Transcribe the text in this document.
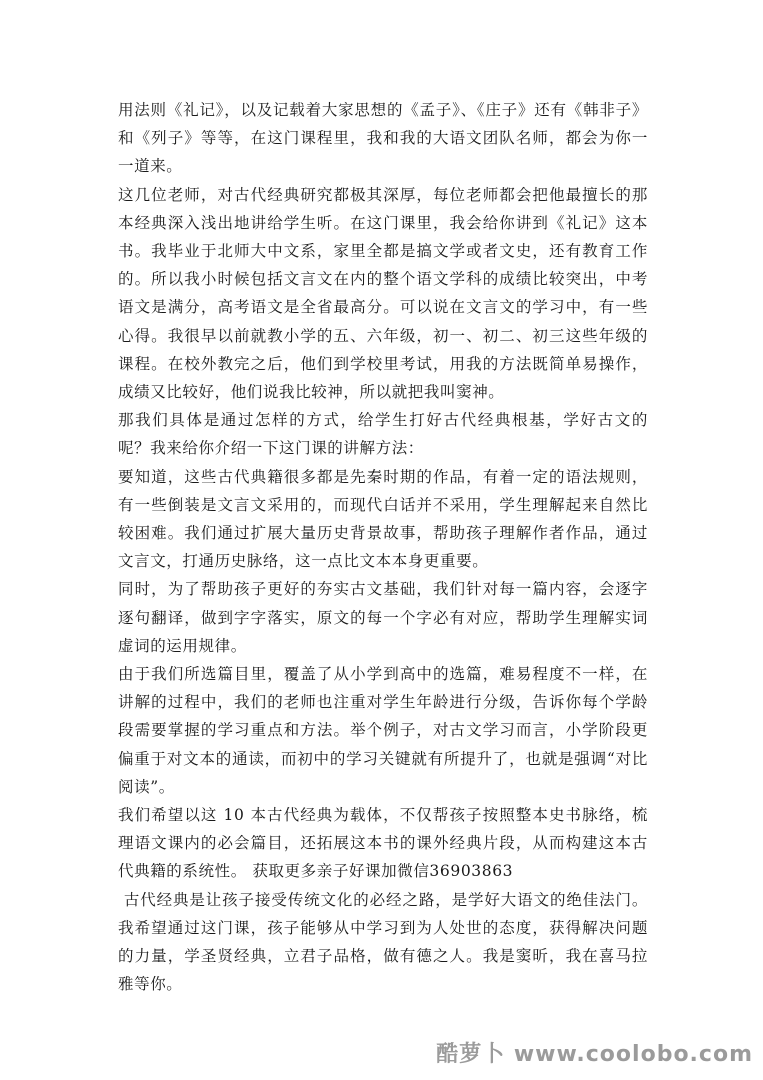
用法则《礼记》，以及记载着大家思想的《孟子》、《庄子》还有《韩非子》和《列子》等等，在这门课程里，我和我的大语文团队名师，都会为你一一道来。

这几位老师，对古代经典研究都极其深厚，每位老师都会把他最擅长的那本经典深入浅出地讲给学生听。在这门课里，我会给你讲到《礼记》这本书。我毕业于北师大中文系，家里全都是搞文学或者文史，还有教育工作的。所以我小时候包括文言文在内的整个语文学科的成绩比较突出，中考语文是满分，高考语文是全省最高分。可以说在文言文的学习中，有一些心得。我很早以前就教小学的五、六年级，初一、初二、初三这些年级的课程。在校外教完之后，他们到学校里考试，用我的方法既简单易操作，成绩又比较好，他们说我比较神，所以就把我叫窦神。

那我们具体是通过怎样的方式，给学生打好古代经典根基，学好古文的呢？我来给你介绍一下这门课的讲解方法：

要知道，这些古代典籍很多都是先秦时期的作品，有着一定的语法规则，有一些倒装是文言文采用的，而现代白话并不采用，学生理解起来自然比较困难。我们通过扩展大量历史背景故事，帮助孩子理解作者作品，通过文言文，打通历史脉络，这一点比文本本身更重要。

同时，为了帮助孩子更好的夯实古文基础，我们针对每一篇内容，会逐字逐句翻译，做到字字落实，原文的每一个字必有对应，帮助学生理解实词虚词的运用规律。

由于我们所选篇目里，覆盖了从小学到高中的选篇，难易程度不一样，在讲解的过程中，我们的老师也注重对学生年龄进行分级，告诉你每个学龄段需要掌握的学习重点和方法。举个例子，对古文学习而言，小学阶段更偏重于对文本的通读，而初中的学习关键就有所提升了，也就是强调“对比阅读”。

我们希望以这 10 本古代经典为载体，不仅帮孩子按照整本史书脉络，梳理语文课内的必会篇目，还拓展这本书的课外经典片段，从而构建这本古代典籍的系统性。 获取更多亲子好课加微信36903863

古代经典是让孩子接受传统文化的必经之路，是学好大语文的绝佳法门。 我希望通过这门课，孩子能够从中学习到为人处世的态度，获得解决问题的力量，学圣贤经典，立君子品格，做有德之人。我是窦昕，我在喜马拉雅等你。

酷萝卜 www.coolobo.com
